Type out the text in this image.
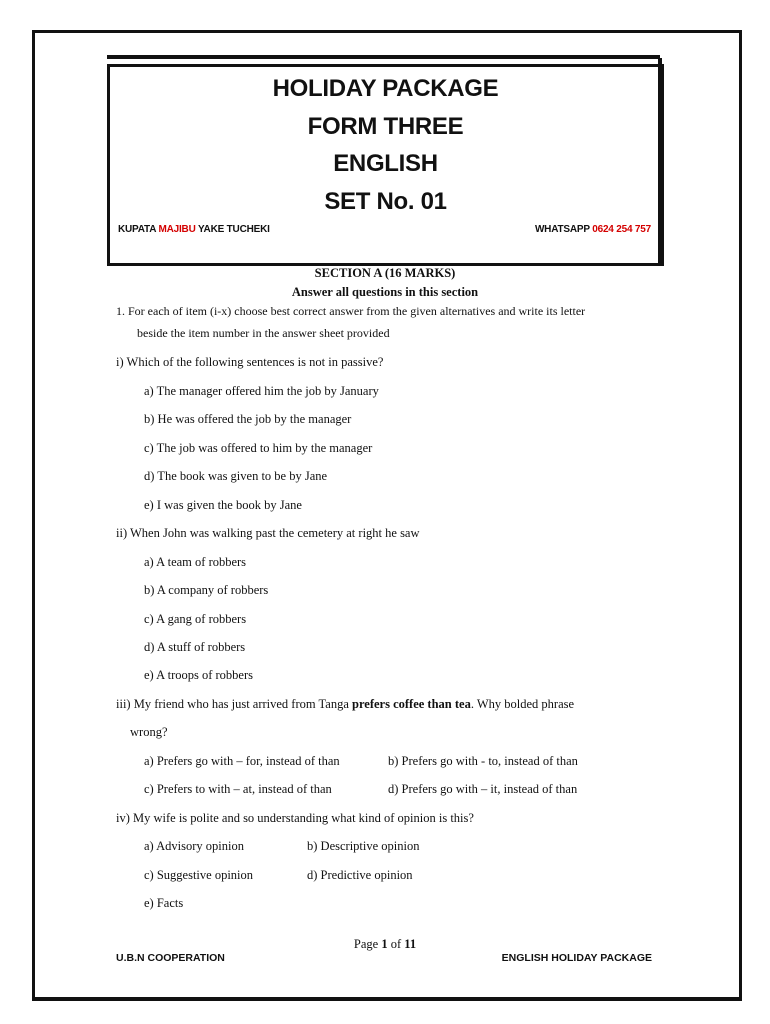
HOLIDAY PACKAGE
FORM THREE
ENGLISH
SET No. 01
KUPATA MAJIBU YAKE TUCHEKI	WHATSAPP 0624 254 757
SECTION A (16 MARKS)
Answer all questions in this section
1. For each of item (i-x) choose best correct answer from the given alternatives and write its letter
beside the item number in the answer sheet provided
i) Which of the following sentences is not in passive?
a) The manager offered him the job by January
b) He was offered the job by the manager
c) The job was offered to him by the manager
d) The book was given to be by Jane
e) I was given the book by Jane
ii) When John was walking past the cemetery at right he saw
a) A team of robbers
b) A company of robbers
c) A gang of robbers
d) A stuff of robbers
e) A troops of robbers
iii) My friend who has just arrived from Tanga prefers coffee than tea. Why bolded phrase
wrong?
a) Prefers go with – for, instead of than	b) Prefers go with - to, instead of than
c) Prefers to with – at, instead of than	d) Prefers go with – it, instead of than
iv) My wife is polite and so understanding what kind of opinion is this?
a) Advisory opinion	b) Descriptive opinion
c) Suggestive opinion	d) Predictive opinion
e) Facts
Page 1 of 11
U.B.N COOPERATION	ENGLISH HOLIDAY PACKAGE
